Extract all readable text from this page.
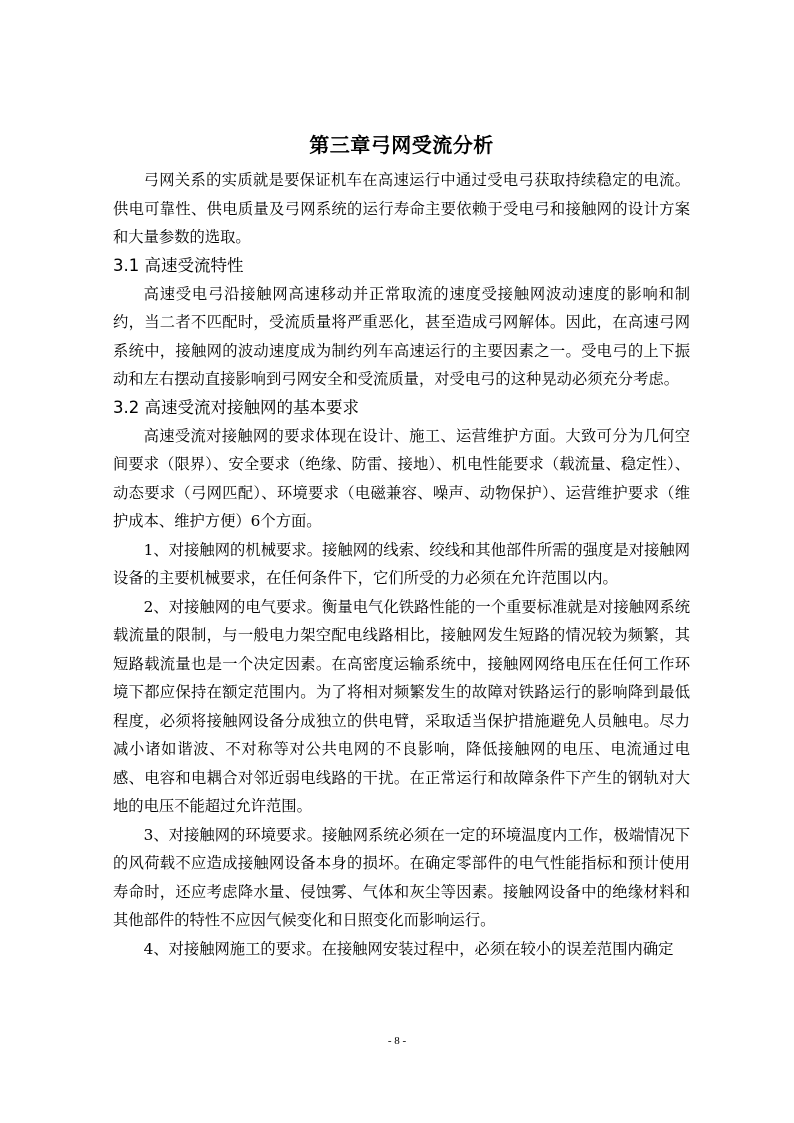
第三章弓网受流分析

弓网关系的实质就是要保证机车在高速运行中通过受电弓获取持续稳定的电流。供电可靠性、供电质量及弓网系统的运行寿命主要依赖于受电弓和接触网的设计方案和大量参数的选取。

3.1 高速受流特性

高速受电弓沿接触网高速移动并正常取流的速度受接触网波动速度的影响和制约，当二者不匹配时，受流质量将严重恶化，甚至造成弓网解体。因此，在高速弓网系统中，接触网的波动速度成为制约列车高速运行的主要因素之一。受电弓的上下振动和左右摆动直接影响到弓网安全和受流质量，对受电弓的这种晃动必须充分考虑。

3.2 高速受流对接触网的基本要求

高速受流对接触网的要求体现在设计、施工、运营维护方面。大致可分为几何空间要求（限界）、安全要求（绝缘、防雷、接地）、机电性能要求（载流量、稳定性）、动态要求（弓网匹配）、环境要求（电磁兼容、噪声、动物保护）、运营维护要求（维护成本、维护方便）6个方面。

1、对接触网的机械要求。接触网的线索、绞线和其他部件所需的强度是对接触网设备的主要机械要求，在任何条件下，它们所受的力必须在允许范围以内。

2、对接触网的电气要求。衡量电气化铁路性能的一个重要标准就是对接触网系统载流量的限制，与一般电力架空配电线路相比，接触网发生短路的情况较为频繁，其短路载流量也是一个决定因素。在高密度运输系统中，接触网网络电压在任何工作环境下都应保持在额定范围内。为了将相对频繁发生的故障对铁路运行的影响降到最低程度，必须将接触网设备分成独立的供电臂，采取适当保护措施避免人员触电。尽力减小诸如谐波、不对称等对公共电网的不良影响，降低接触网的电压、电流通过电感、电容和电耦合对邻近弱电线路的干扰。在正常运行和故障条件下产生的钢轨对大地的电压不能超过允许范围。

3、对接触网的环境要求。接触网系统必须在一定的环境温度内工作，极端情况下的风荷载不应造成接触网设备本身的损坏。在确定零部件的电气性能指标和预计使用寿命时，还应考虑降水量、侵蚀雾、气体和灰尘等因素。接触网设备中的绝缘材料和其他部件的特性不应因气候变化和日照变化而影响运行。

4、对接触网施工的要求。在接触网安装过程中，必须在较小的误差范围内确定

- 8 -
